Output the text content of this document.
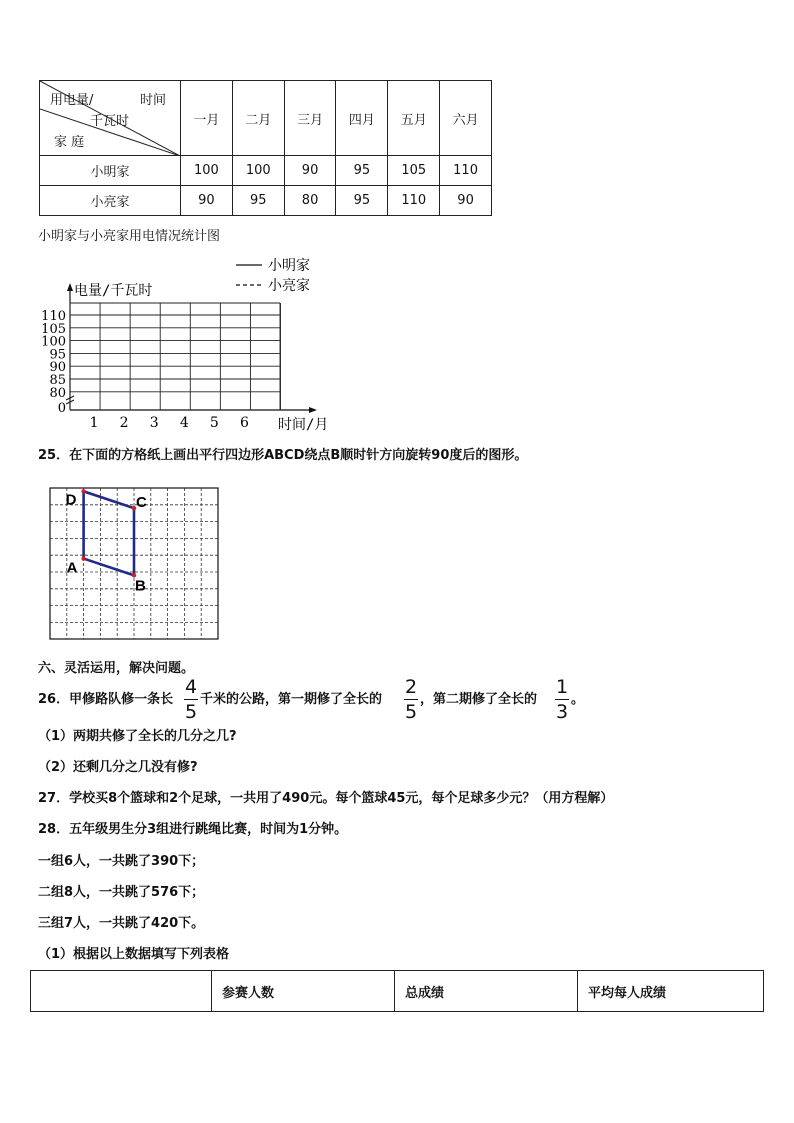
用电量/ 时间
千瓦时
家 庭	一月	二月	三月	四月	五月	六月
小明家	100	100	90	95	105	110
小亮家	90	95	80	95	110	90
小明家与小亮家用电情况统计图
110
105
100
95
90
85
80
0
1 2 3 4 5 6
电量/千瓦时
时间/月
小明家
小亮家
25．在下面的方格纸上画出平行四边形ABCD绕点B顺时针方向旋转90度后的图形。
D	C
A
B
六、灵活运用，解决问题。
26．甲修路队修一条长
4
5
千米的公路，第一期修了全长的
2
5
，第二期修了全长的
1
3
。
（1）两期共修了全长的几分之几?
（2）还剩几分之几没有修?
27．学校买8个篮球和2个足球，一共用了490元。每个篮球45元，每个足球多少元？（用方程解）
28．五年级男生分3组进行跳绳比赛，时间为1分钟。
一组6人，一共跳了390下；
二组8人，一共跳了576下；
三组7人，一共跳了420下。
（1）根据以上数据填写下列表格
	参赛人数	总成绩	平均每人成绩
